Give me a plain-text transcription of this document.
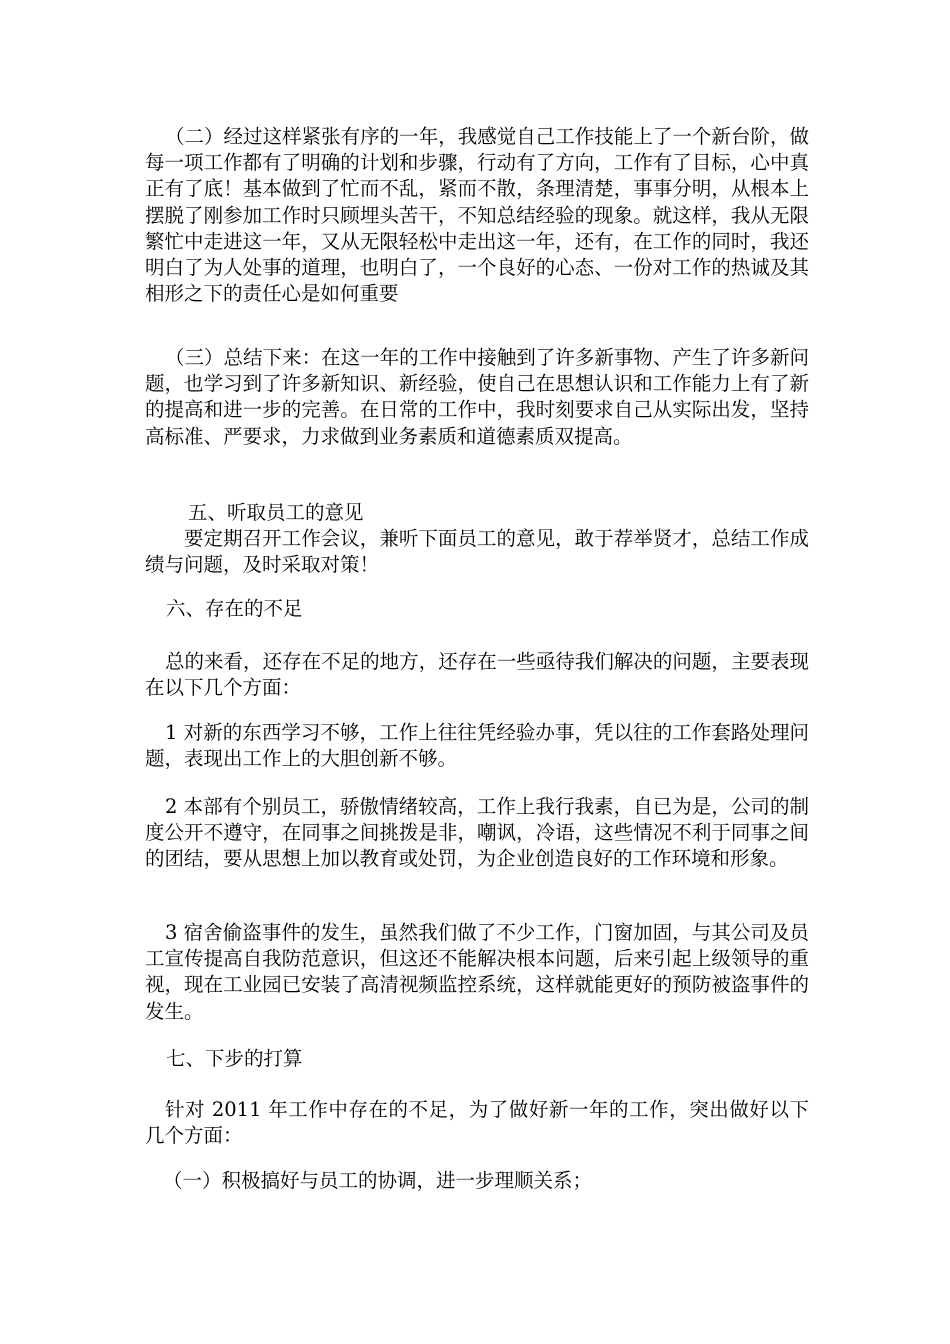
（二）经过这样紧张有序的一年，我感觉自己工作技能上了一个新台阶，做每一项工作都有了明确的计划和步骤，行动有了方向，工作有了目标，心中真正有了底！基本做到了忙而不乱，紧而不散，条理清楚，事事分明，从根本上摆脱了刚参加工作时只顾埋头苦干，不知总结经验的现象。就这样，我从无限繁忙中走进这一年，又从无限轻松中走出这一年，还有，在工作的同时，我还明白了为人处事的道理，也明白了，一个良好的心态、一份对工作的热诚及其相形之下的责任心是如何重要

（三）总结下来：在这一年的工作中接触到了许多新事物、产生了许多新问题，也学习到了许多新知识、新经验，使自己在思想认识和工作能力上有了新的提高和进一步的完善。在日常的工作中，我时刻要求自己从实际出发，坚持高标准、严要求，力求做到业务素质和道德素质双提高。

五、听取员工的意见

要定期召开工作会议，兼听下面员工的意见，敢于荐举贤才，总结工作成绩与问题，及时采取对策！

六、存在的不足

总的来看，还存在不足的地方，还存在一些亟待我们解决的问题，主要表现在以下几个方面：

1 对新的东西学习不够，工作上往往凭经验办事，凭以往的工作套路处理问题，表现出工作上的大胆创新不够。

2 本部有个别员工，骄傲情绪较高，工作上我行我素，自已为是，公司的制度公开不遵守，在同事之间挑拨是非，嘲讽，冷语，这些情况不利于同事之间的团结，要从思想上加以教育或处罚，为企业创造良好的工作环境和形象。

3 宿舍偷盗事件的发生，虽然我们做了不少工作，门窗加固，与其公司及员工宣传提高自我防范意识，但这还不能解决根本问题，后来引起上级领导的重视，现在工业园已安装了高清视频监控系统，这样就能更好的预防被盗事件的发生。

七、下步的打算

针对 2011 年工作中存在的不足，为了做好新一年的工作，突出做好以下几个方面：

（一）积极搞好与员工的协调，进一步理顺关系；
